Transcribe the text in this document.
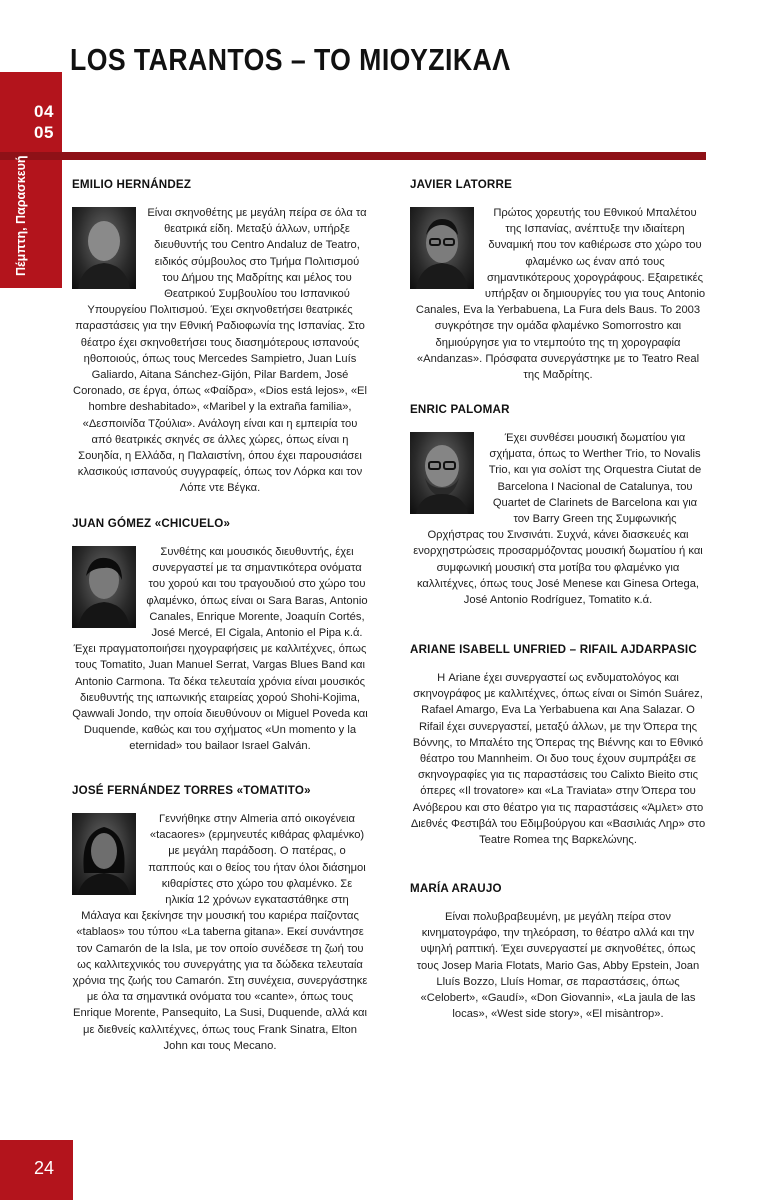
LOS TARANTOS – ΤΟ ΜΙΟΥΖΙΚΑΛ
04
05
Πέμπτη, Παρασκευή	EMILIO HERNÁNDEZ

Είναι σκηνοθέτης με μεγάλη πείρα σε όλα τα θεατρικά είδη. Μεταξύ άλλων, υπήρξε διευθυντής του Centro Andaluz de Teatro, ειδικός σύμβουλος στο Τμήμα Πολιτισμού του Δήμου της Μαδρίτης και μέλος του Θεατρικού Συμβουλίου του Ισπανικού Υπουργείου Πολιτισμού. Έχει σκηνοθετήσει θεατρικές παραστάσεις για την Εθνική Ραδιοφωνία της Ισπανίας. Στο θέατρο έχει σκηνοθετήσει τους διασημότερους ισπανούς ηθοποιούς, όπως τους Mercedes Sampietro, Juan Luís Galiardo, Aitana Sánchez-Gijón, Pilar Bardem, José Coronado, σε έργα, όπως «Φαίδρα», «Dios está lejos», «El hombre deshabitado», «Maribel y la extraña familia», «Δεσποινίδα Τζούλια». Ανάλογη είναι και η εμπειρία του από θεατρικές σκηνές σε άλλες χώρες, όπως είναι η Σουηδία, η Ελλάδα, η Παλαιστίνη, όπου έχει παρουσιάσει κλασικούς ισπανούς συγγραφείς, όπως τον Λόρκα και τον Λόπε ντε Βέγκα.

JUAN GÓMEZ «CHICUELO»

Συνθέτης και μουσικός διευθυντής, έχει συνεργαστεί με τα σημαντικότερα ονόματα του χορού και του τραγουδιού στο χώρο του φλαμένκο, όπως είναι οι Sara Baras, Antonio Canales, Enrique Morente, Joaquín Cortés, José Mercé, El Cigala, Antonio el Pipa κ.ά. Έχει πραγματοποιήσει ηχογραφήσεις με καλλιτέχνες, όπως τους Tomatito, Juan Manuel Serrat, Vargas Blues Band και Antonio Carmona. Τα δέκα τελευταία χρόνια είναι μουσικός διευθυντής της ιαπωνικής εταιρείας χορού Shohi-Kojima, Qawwali Jondo, την οποία διευθύνουν οι Miguel Poveda και Duquende, καθώς και του σχήματος «Un momento y la eternidad» του bailaor Israel Galván.

JOSÉ FERNÁNDEZ TORRES «TOMATITO»

Γεννήθηκε στην Almeria από οικογένεια «tacaores» (ερμηνευτές κιθάρας φλαμένκο) με μεγάλη παράδοση. Ο πατέρας, ο παππούς και ο θείος του ήταν όλοι διάσημοι κιθαρίστες στο χώρο του φλαμένκο. Σε ηλικία 12 χρόνων εγκαταστάθηκε στη Μάλαγα και ξεκίνησε την μουσική του καριέρα παίζοντας «tablaos» του τύπου «La taberna gitana». Εκεί συνάντησε τον Camarón de la Isla, με τον οποίο συνέδεσε τη ζωή του ως καλλιτεχνικός του συνεργάτης για τα δώδεκα τελευταία χρόνια της ζωής του Camarón. Στη συνέχεια, συνεργάστηκε με όλα τα σημαντικά ονόματα του «cante», όπως τους Enrique Morente, Pansequito, La Susi, Duquende, αλλά και με διεθνείς καλλιτέχνες, όπως τους Frank Sinatra, Elton John και τους Mecano.

JAVIER LATORRE

Πρώτος χορευτής του Εθνικού Μπαλέτου της Ισπανίας, ανέπτυξε την ιδιαίτερη δυναμική που τον καθιέρωσε στο χώρο του φλαμένκο ως έναν από τους σημαντικότερους χορογράφους. Εξαιρετικές υπήρξαν οι δημιουργίες του για τους Antonio Canales, Eva la Yerbabuena, La Fura dels Baus. Το 2003 συγκρότησε την ομάδα φλαμένκο Somorrostro και δημιούργησε για το ντεμπούτο της τη χορογραφία «Andanzas». Πρόσφατα συνεργάστηκε με το Teatro Real της Μαδρίτης.

ENRIC PALOMAR

Έχει συνθέσει μουσική δωματίου για σχήματα, όπως το Werther Trio, το Novalis Trio, και για σολίστ της Orquestra Ciutat de Barcelona I Nacional de Catalunya, του Quartet de Clarinets de Barcelona και για τον Barry Green της Συμφωνικής Ορχήστρας του Σινσινάτι. Συχνά, κάνει διασκευές και ενορχηστρώσεις προσαρμόζοντας μουσική δωματίου ή και συμφωνική μουσική στα μοτίβα του φλαμένκο για καλλιτέχνες, όπως τους José Menese και Ginesa Ortega, José Antonio Rodríguez, Tomatito κ.ά.

ARIANE ISABELL UNFRIED – RIFAIL AJDARPASIC

Η Ariane έχει συνεργαστεί ως ενδυματολόγος και σκηνογράφος με καλλιτέχνες, όπως είναι οι Simón Suárez, Rafael Amargo, Eva La Yerbabuena και Ana Salazar. Ο Rifail έχει συνεργαστεί, μεταξύ άλλων, με την Όπερα της Βόννης, το Μπαλέτο της Όπερας της Βιέννης και το Εθνικό θέατρο του Mannheim. Οι δυο τους έχουν συμπράξει σε σκηνογραφίες για τις παραστάσεις του Calixto Bieito στις όπερες «Il trovatore» και «La Traviata» στην Όπερα του Ανόβερου και στο θέατρο για τις παραστάσεις «Άμλετ» στο Διεθνές Φεστιβάλ του Εδιμβούργου και «Βασιλιάς Ληρ» στο Teatre Romea της Βαρκελώνης.

MARÍA ARAUJO

Είναι πολυβραβευμένη, με μεγάλη πείρα στον κινηματογράφο, την τηλεόραση, το θέατρο αλλά και την υψηλή ραπτική. Έχει συνεργαστεί με σκηνοθέτες, όπως τους Josep Maria Flotats, Mario Gas, Abby Epstein, Joan Lluís Bozzo, Lluís Homar, σε παραστάσεις, όπως «Celobert», «Gaudí», «Don Giovanni», «La jaula de las locas», «West side story», «El misàntrop».

24
